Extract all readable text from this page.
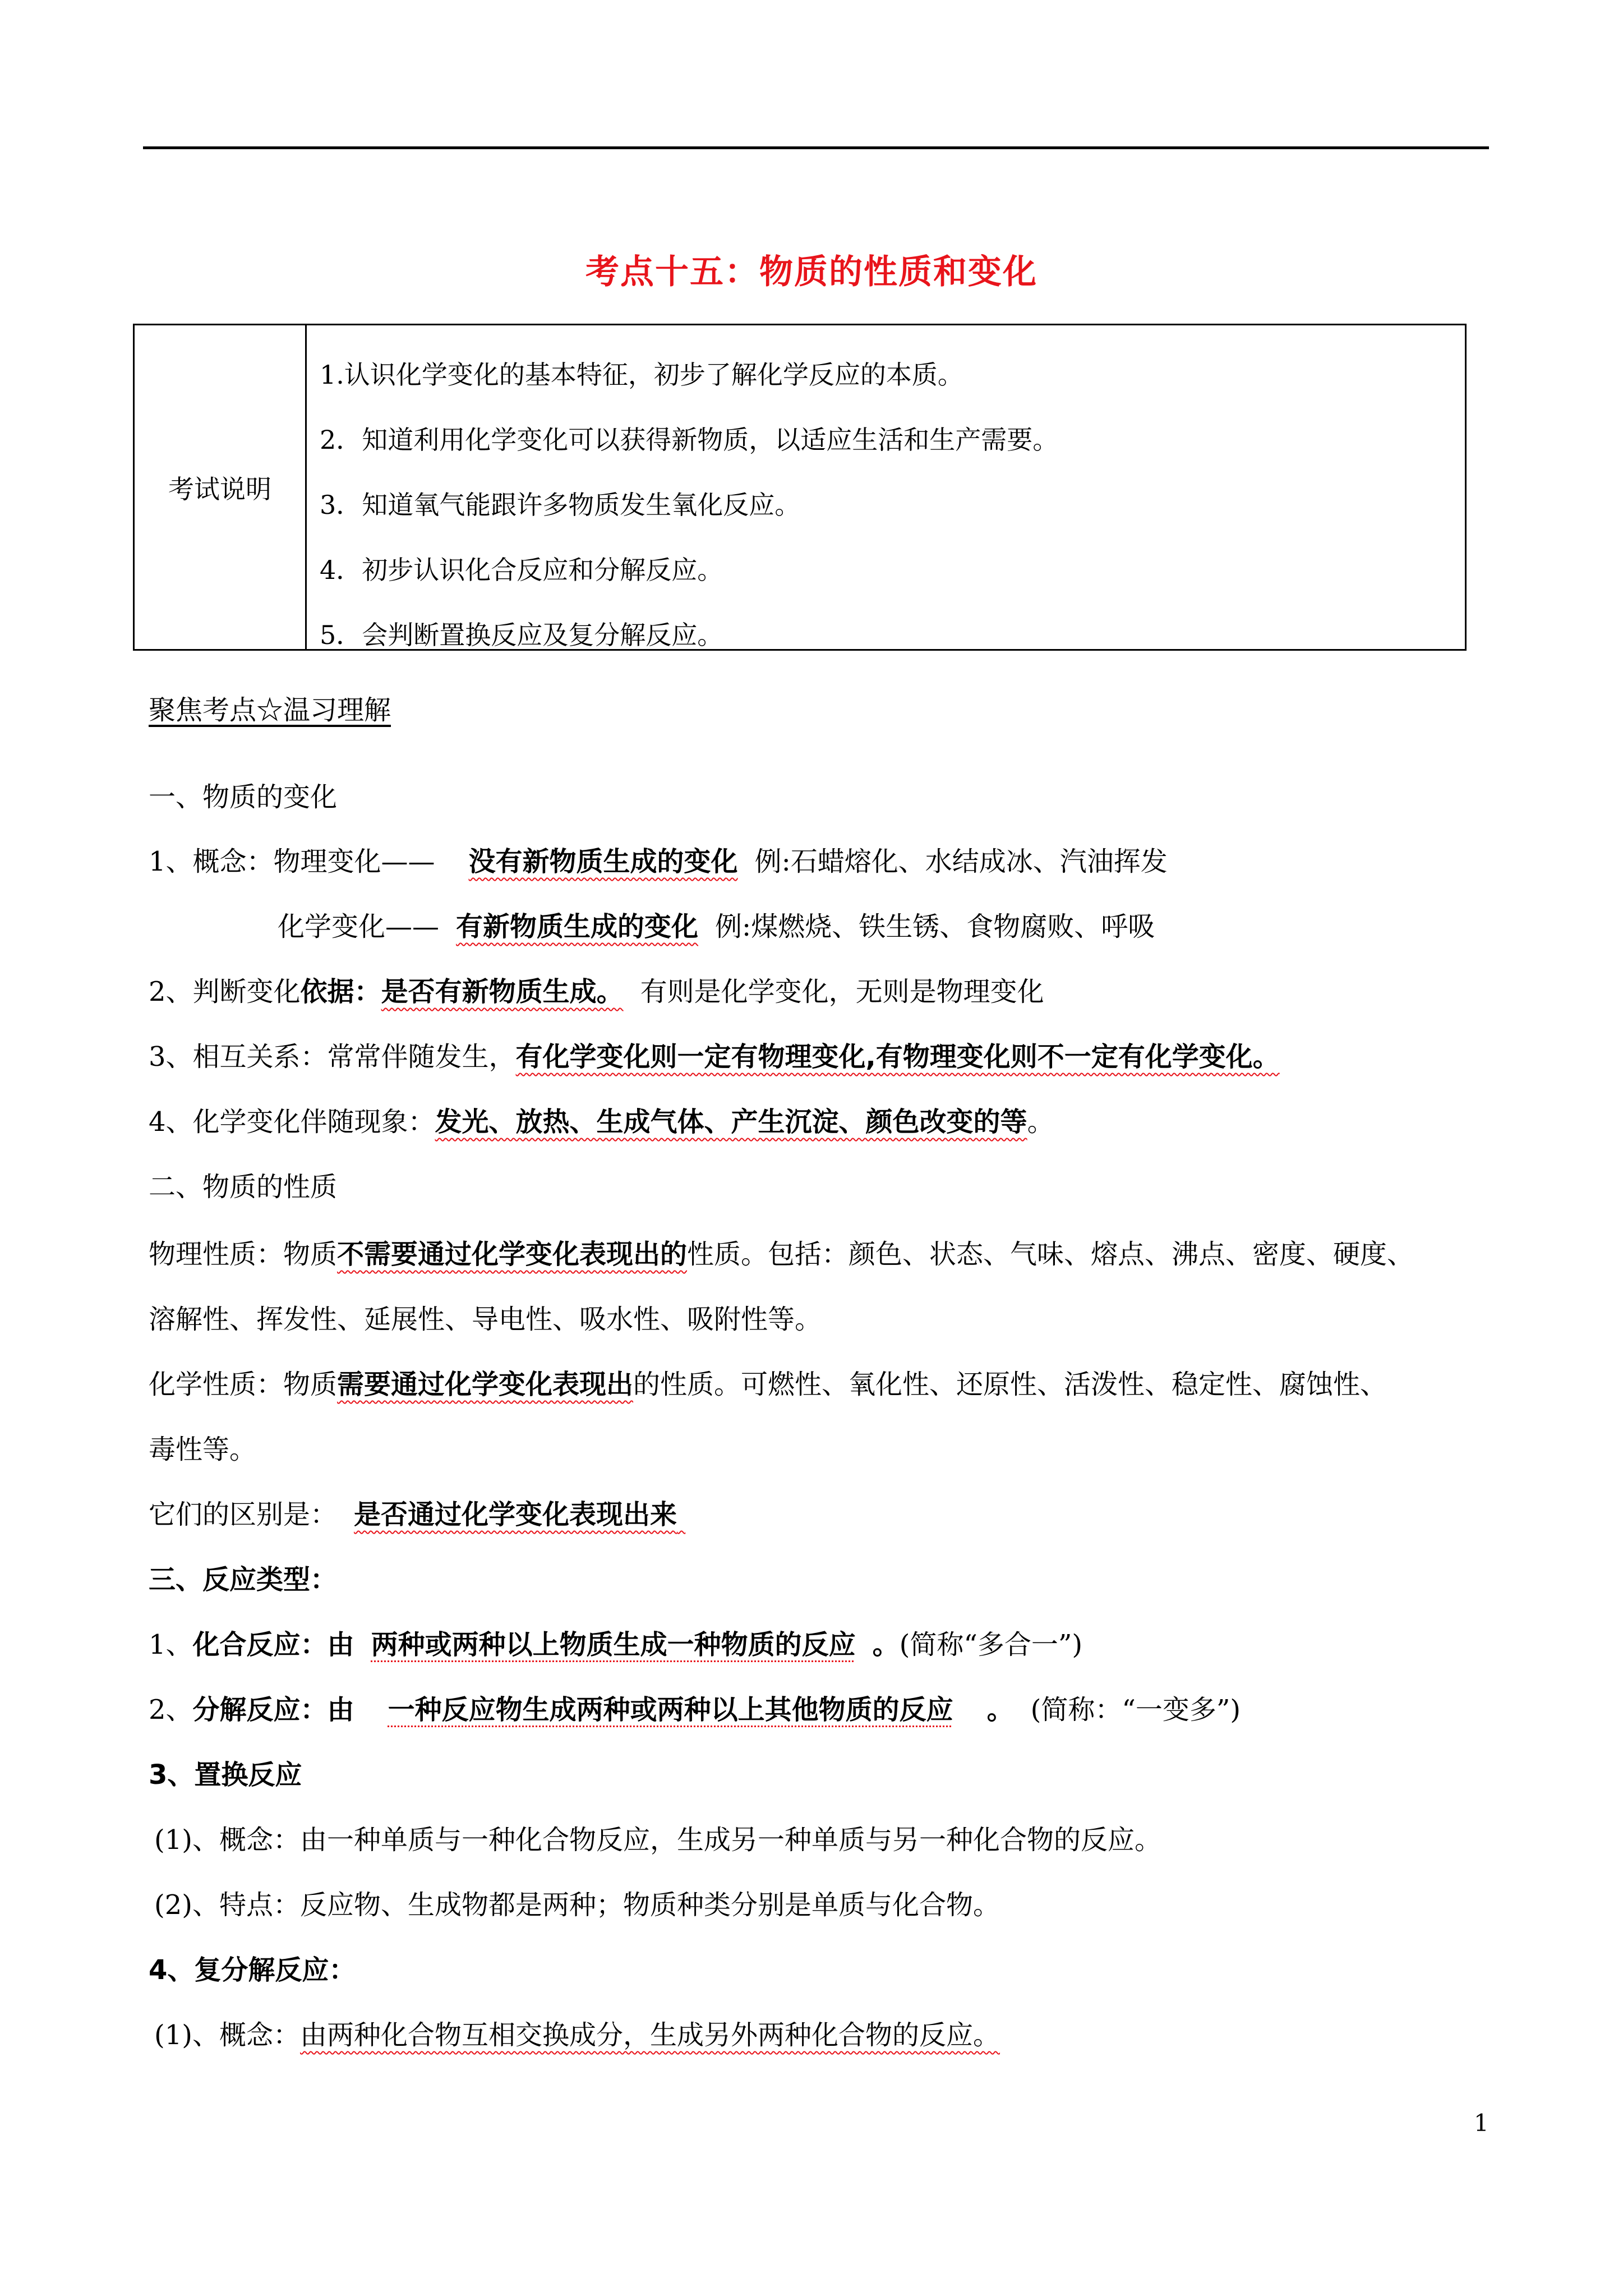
考点十五：物质的性质和变化
考试说明
1.认识化学变化的基本特征，初步了解化学反应的本质。
2．知道利用化学变化可以获得新物质，以适应生活和生产需要。
3．知道氧气能跟许多物质发生氧化反应。
4．初步认识化合反应和分解反应。
5．会判断置换反应及复分解反应。
聚焦考点☆温习理解
一、物质的变化
1、概念：物理变化—— 没有新物质生成的变化 例:石蜡熔化、水结成冰、汽油挥发
化学变化—— 有新物质生成的变化 例:煤燃烧、铁生锈、食物腐败、呼吸
2、判断变化依据：是否有新物质生成。 有则是化学变化，无则是物理变化
3、相互关系：常常伴随发生，有化学变化则一定有物理变化,有物理变化则不一定有化学变化。
4、化学变化伴随现象：发光、放热、生成气体、产生沉淀、颜色改变的等。
二、物质的性质
物理性质：物质不需要通过化学变化表现出的性质。包括：颜色、状态、气味、熔点、沸点、密度、硬度、
溶解性、挥发性、延展性、导电性、吸水性、吸附性等。
化学性质：物质需要通过化学变化表现出的性质。可燃性、氧化性、还原性、活泼性、稳定性、腐蚀性、
毒性等。
它们的区别是： 是否通过化学变化表现出来
三、反应类型：
1、化合反应：由 两种或两种以上物质生成一种物质的反应 。(简称“多合一”)
2、分解反应：由 一种反应物生成两种或两种以上其他物质的反应 。 (简称：“一变多”)
3、置换反应
(1)、概念：由一种单质与一种化合物反应，生成另一种单质与另一种化合物的反应。
(2)、特点：反应物、生成物都是两种；物质种类分别是单质与化合物。
4、复分解反应：
(1)、概念：由两种化合物互相交换成分，生成另外两种化合物的反应。
1
